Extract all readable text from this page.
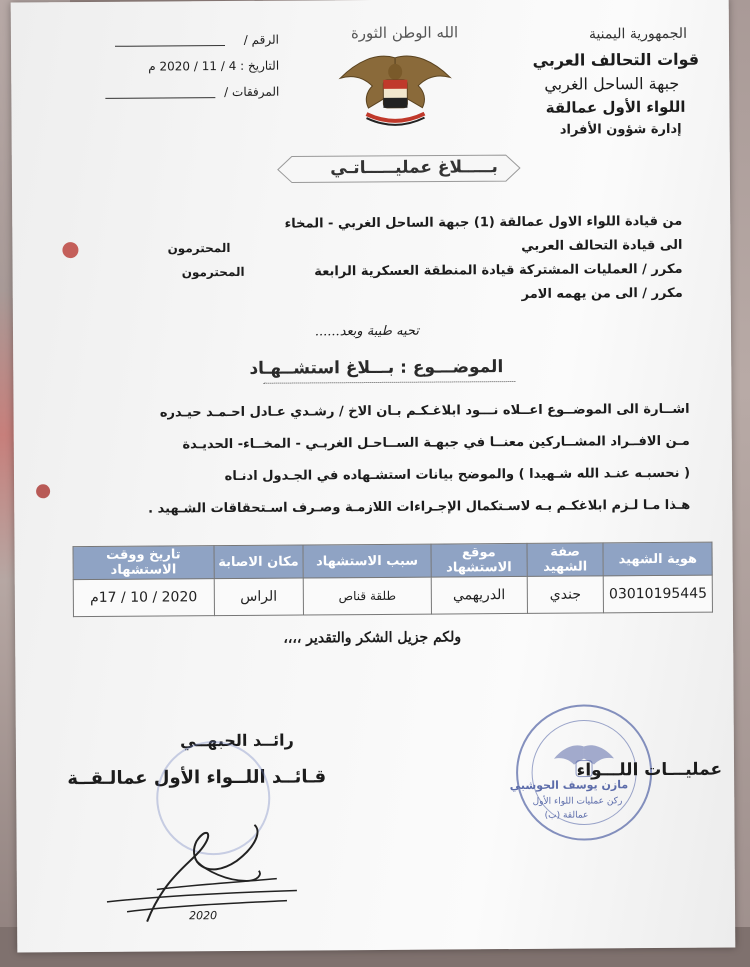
الجمهورية اليمنية
قوات التحالف العربي
جبهة الساحل الغربي
اللواء الأول عمالقة
إدارة شؤون الأفراد
الله الوطن الثورة
الرقم /
التاريخ : 4 / 11 / 2020 م
المرفقات /
بـــــلاغ عمليـــــاتـي
من قيادة اللواء الاول عمالقة (1) جبهة الساحل الغربي - المخاء
الى قيادة التحالف العربي
المحترمون
مكرر / العمليات المشتركة قيادة المنطقة العسكرية الرابعة
المحترمون
مكرر / الى من يهمه الامر
تحيه طيبة وبعد......
الموضـــوع : بـــلاغ استشــهـاد
اشــارة الى الموضــوع اعــلاه نـــود ابلاغـكـم بـان الاخ / رشـدي عـادل احـمـد حيـدره
مـن الافــراد المشــاركين معنــا في جبهـة الســاحـل الغربـي - المخــاء- الحديـدة
( نحسبـه عنـد الله شـهيدا ) والموضح بيانات استشـهاده في الجـدول ادنـاه
هـذا مـا لـزم ابلاغكـم بـه لاسـتكمال الإجـراءات اللازمـة وصـرف اسـتحقاقات الشـهيد .
هوية الشهيد	صفة الشهيد	موقع الاستشهاد	سبب الاستشهاد	مكان الاصابة	تاريخ ووقت الاستشهاد
03010195445	جندي	الدريهمي	طلقة قناص	الراس	2020 / 10 / 17م
ولكم جزيل الشكر والتقدير ،،،،
رائــد الحبهــي
قـائــد اللــواء الأول عمالـقــة
2020
عمليـــات اللـــواء
مازن يوسف الحوشبي
ركن عمليات اللواء الأول
عمالقة (ب)
